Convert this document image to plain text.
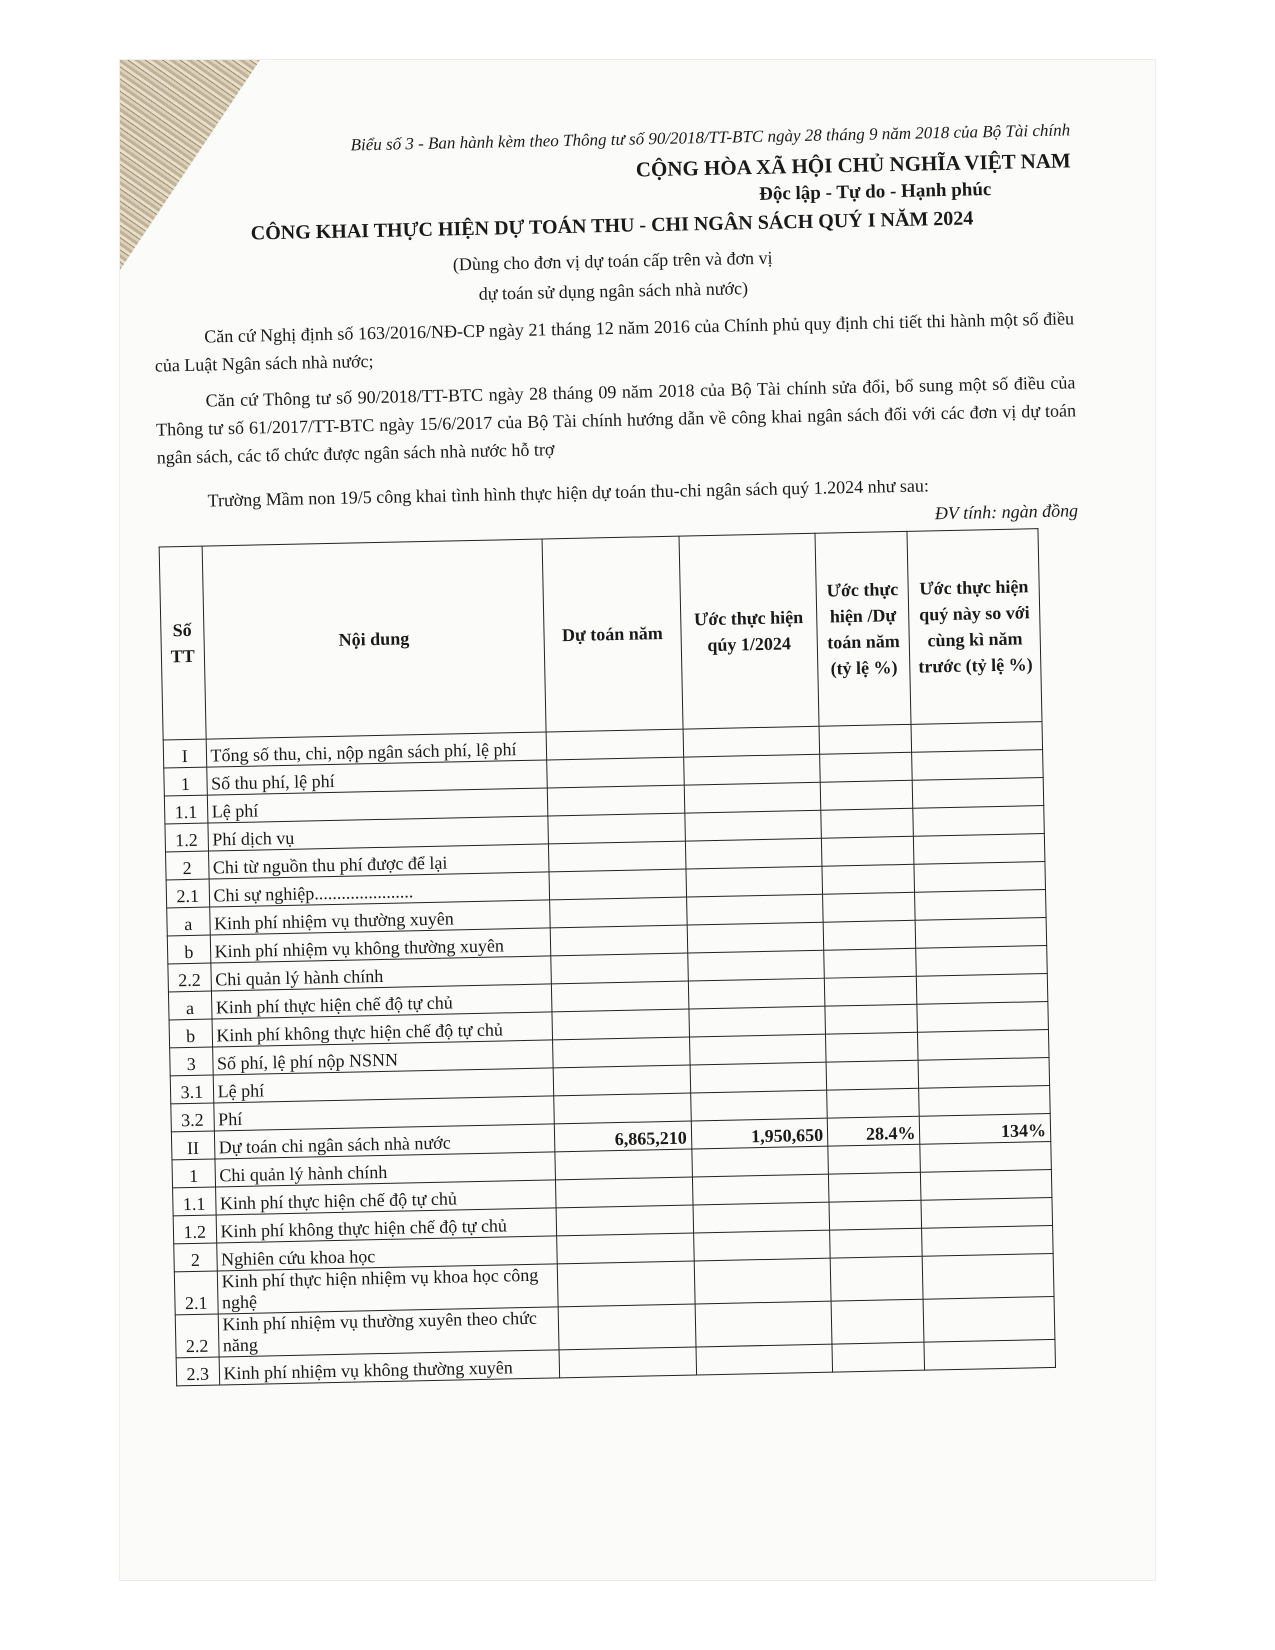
Biểu số 3 - Ban hành kèm theo Thông tư số 90/2018/TT-BTC ngày 28 tháng 9 năm 2018 của Bộ Tài chính

CỘNG HÒA XÃ HỘI CHỦ NGHĨA VIỆT NAM

Độc lập - Tự do - Hạnh phúc

CÔNG KHAI THỰC HIỆN DỰ TOÁN THU - CHI NGÂN SÁCH QUÝ I NĂM 2024

(Dùng cho đơn vị dự toán cấp trên và đơn vị

dự toán sử dụng ngân sách nhà nước)

Căn cứ Nghị định số 163/2016/NĐ-CP ngày 21 tháng 12 năm 2016 của Chính phủ quy định chi tiết thi hành một số điều của Luật Ngân sách nhà nước;

Căn cứ Thông tư số 90/2018/TT-BTC ngày 28 tháng 09 năm 2018 của Bộ Tài chính sửa đổi, bổ sung một số điều của Thông tư số 61/2017/TT-BTC ngày 15/6/2017 của Bộ Tài chính hướng dẫn về công khai ngân sách đối với các đơn vị dự toán ngân sách, các tổ chức được ngân sách nhà nước hỗ trợ

Trường Mầm non 19/5 công khai tình hình thực hiện dự toán thu-chi ngân sách quý 1.2024 như sau:

ĐV tính: ngàn đồng

Số TT	Nội dung	Dự toán năm	Ước thực hiện qúy 1/2024	Ước thực hiện /Dự toán năm (tỷ lệ %)	Ước thực hiện quý này so với cùng kì năm trước (tỷ lệ %)
I	Tổng số thu, chi, nộp ngân sách phí, lệ phí				
1	Số thu phí, lệ phí				
1.1	Lệ phí				
1.2	Phí dịch vụ				
2	Chi từ nguồn thu phí được để lại				
2.1	Chi sự nghiệp......................				
a	Kinh phí nhiệm vụ thường xuyên				
b	Kinh phí nhiệm vụ không thường xuyên				
2.2	Chi quản lý hành chính				
a	Kinh phí thực hiện chế độ tự chủ				
b	Kinh phí không thực hiện chế độ tự chủ				
3	Số phí, lệ phí nộp NSNN				
3.1	Lệ phí				
3.2	Phí				
II	Dự toán chi ngân sách nhà nước	6,865,210	1,950,650	28.4%	134%
1	Chi quản lý hành chính				
1.1	Kinh phí thực hiện chế độ tự chủ				
1.2	Kinh phí không thực hiện chế độ tự chủ				
2	Nghiên cứu khoa học				
2.1	Kinh phí thực hiện nhiệm vụ khoa học công nghệ				
2.2	Kinh phí nhiệm vụ thường xuyên theo chức năng				
2.3	Kinh phí nhiệm vụ không thường xuyên				
